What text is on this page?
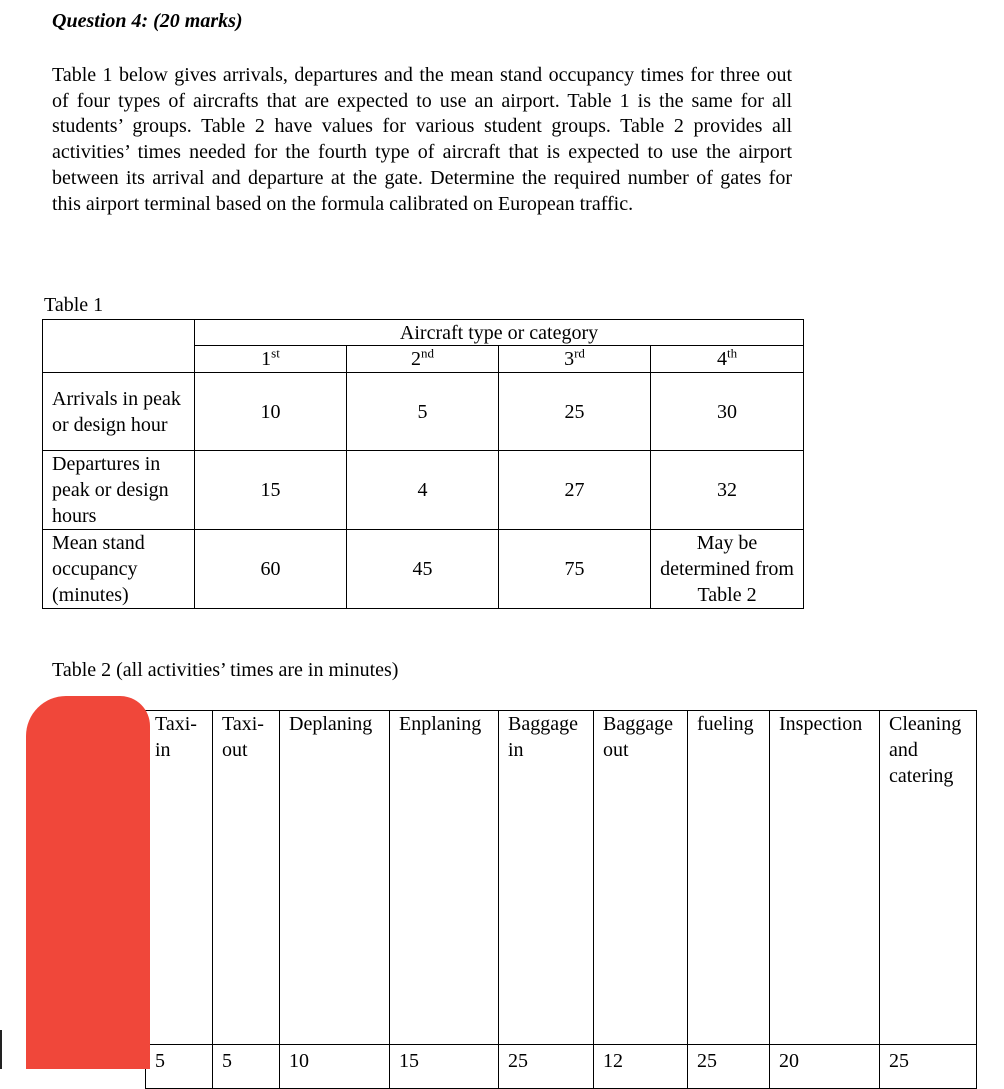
Question 4: (20 marks)

Table 1 below gives arrivals, departures and the mean stand occupancy times for three out of four types of aircrafts that are expected to use an airport. Table 1 is the same for all students’ groups. Table 2 have values for various student groups. Table 2 provides all activities’ times needed for the fourth type of aircraft that is expected to use the airport between its arrival and departure at the gate. Determine the required number of gates for this airport terminal based on the formula calibrated on European traffic.

Table 1
	Aircraft type or category			
	1st	2nd	3rd	4th
Arrivals in peak or design hour	10	5	25	30
Departures in peak or design hours	15	4	27	32
Mean stand occupancy (minutes)	60	45	75	May be determined from Table 2
Table 2 (all activities’ times are in minutes)
Taxi-in	Taxi-out	Deplaning	Enplaning	Baggage in	Baggage out	fueling	Inspection	Cleaning and catering
5	5	10	15	25	12	25	20	25
